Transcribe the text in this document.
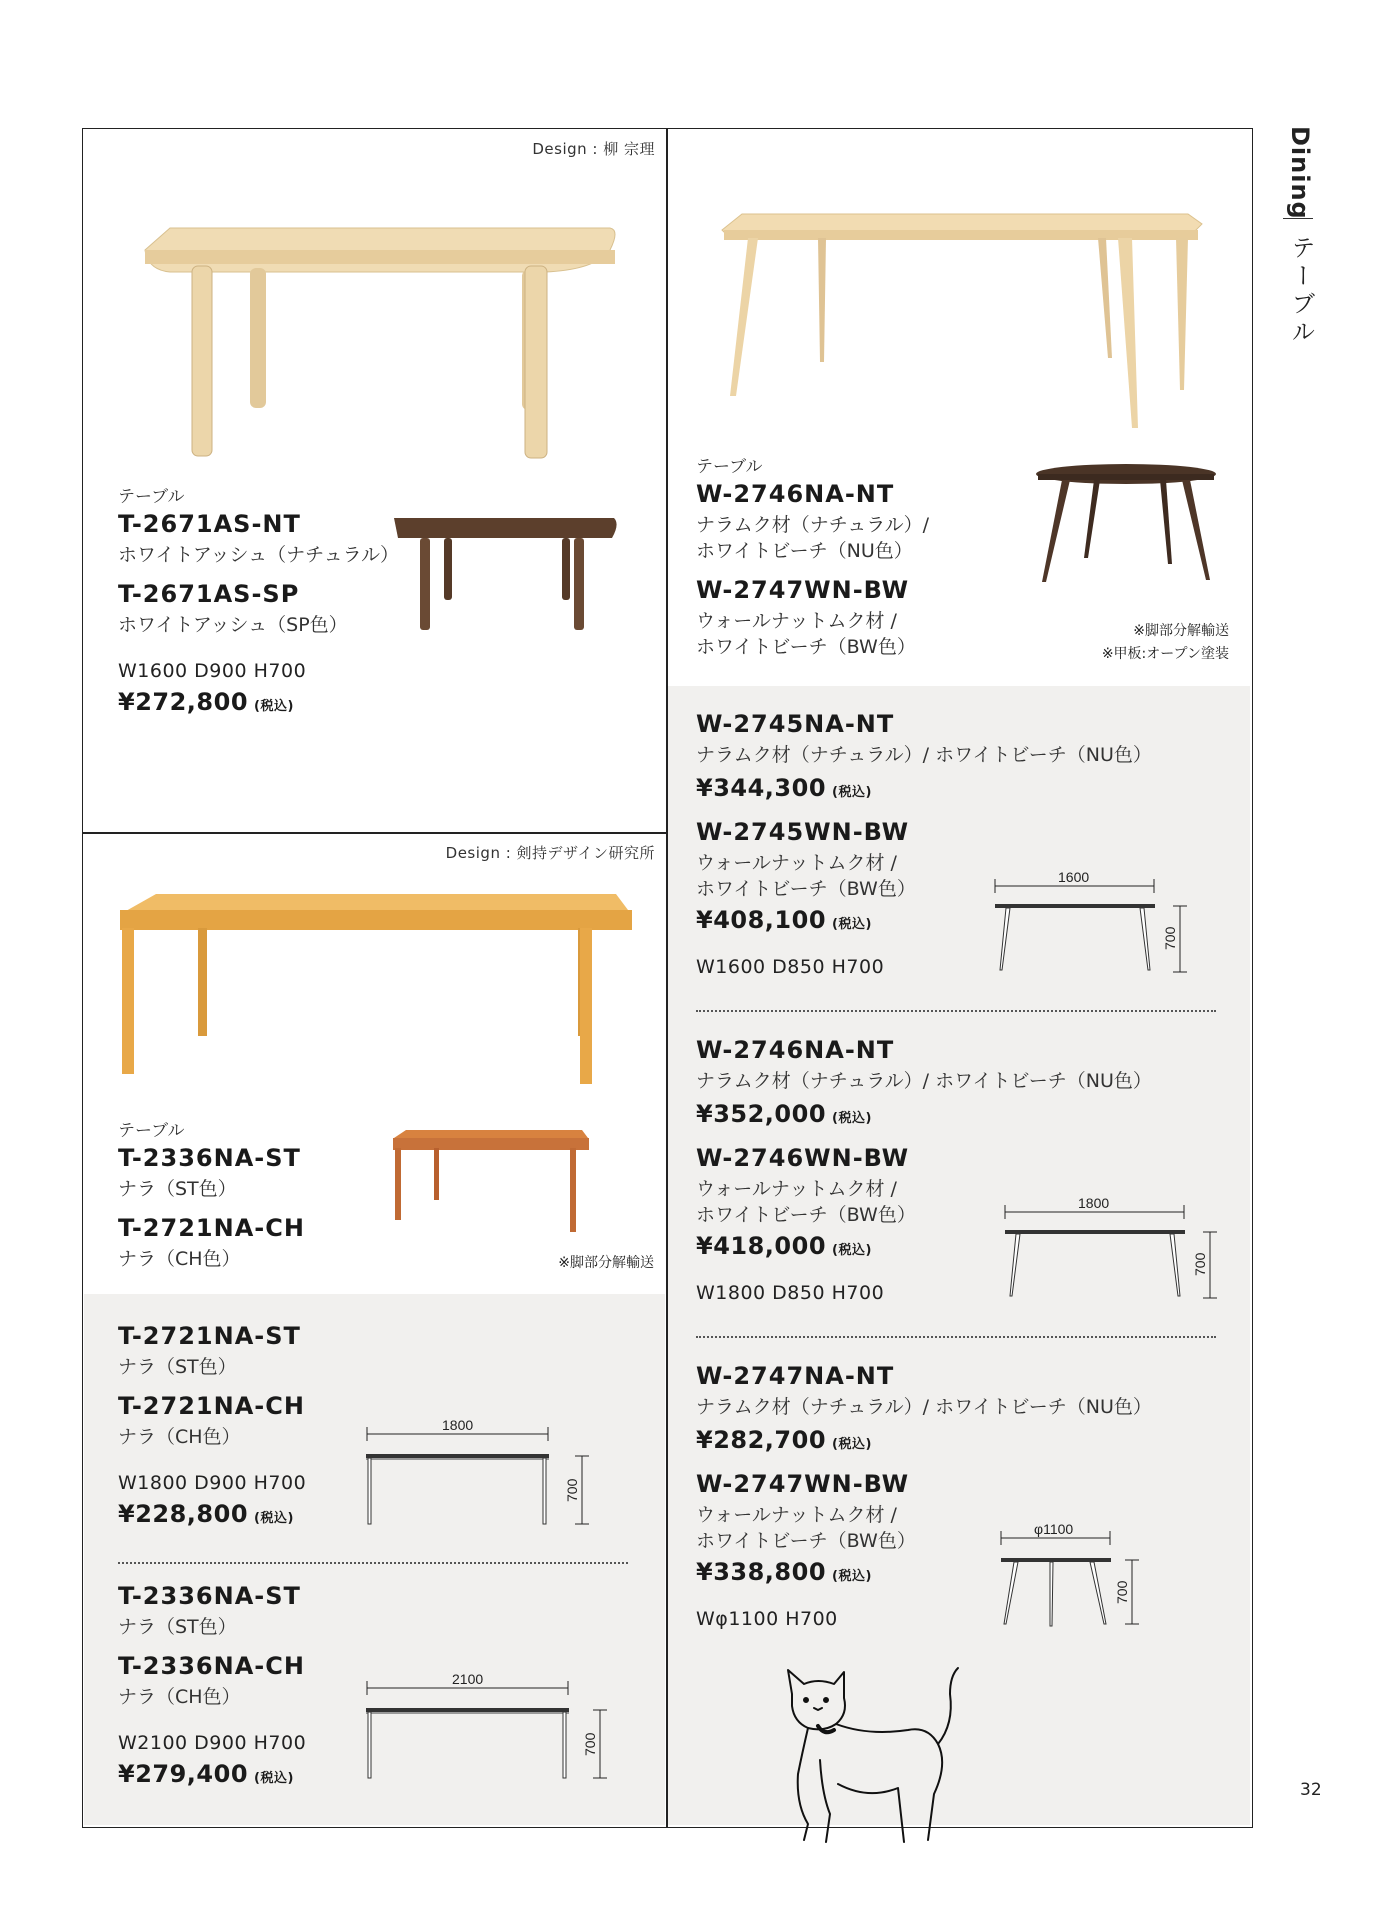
Dining
テーブル
32
Design : 柳 宗理
テーブル
T-2671AS-NT
ホワイトアッシュ（ナチュラル）
T-2671AS-SP
ホワイトアッシュ（SP色）
W1600 D900 H700
¥272,800 (税込)
Design : 剣持デザイン研究所
テーブル
T-2336NA-ST
ナラ（ST色）
T-2721NA-CH
ナラ（CH色）	※脚部分解輸送
T-2721NA-ST
ナラ（ST色）
T-2721NA-CH
ナラ（CH色）
W1800 D900 H700
¥228,800 (税込)
1800
700
T-2336NA-ST
ナラ（ST色）
T-2336NA-CH
ナラ（CH色）
W2100 D900 H700
¥279,400 (税込)
2100
700
テーブル
W-2746NA-NT
ナラムク材（ナチュラル）/
ホワイトビーチ（NU色）
W-2747WN-BW
ウォールナットムク材 /
ホワイトビーチ（BW色）
※脚部分解輸送
※甲板:オープン塗装
W-2745NA-NT
ナラムク材（ナチュラル）/ ホワイトビーチ（NU色）
¥344,300 (税込)
W-2745WN-BW
ウォールナットムク材 /
ホワイトビーチ（BW色）
¥408,100 (税込)
W1600 D850 H700
1600
700
W-2746NA-NT
ナラムク材（ナチュラル）/ ホワイトビーチ（NU色）
¥352,000 (税込)
W-2746WN-BW
ウォールナットムク材 /
ホワイトビーチ（BW色）
¥418,000 (税込)
W1800 D850 H700
1800
700
W-2747NA-NT
ナラムク材（ナチュラル）/ ホワイトビーチ（NU色）
¥282,700 (税込)
W-2747WN-BW
ウォールナットムク材 /
ホワイトビーチ（BW色）
¥338,800 (税込)
Wφ1100 H700
φ1100
700
